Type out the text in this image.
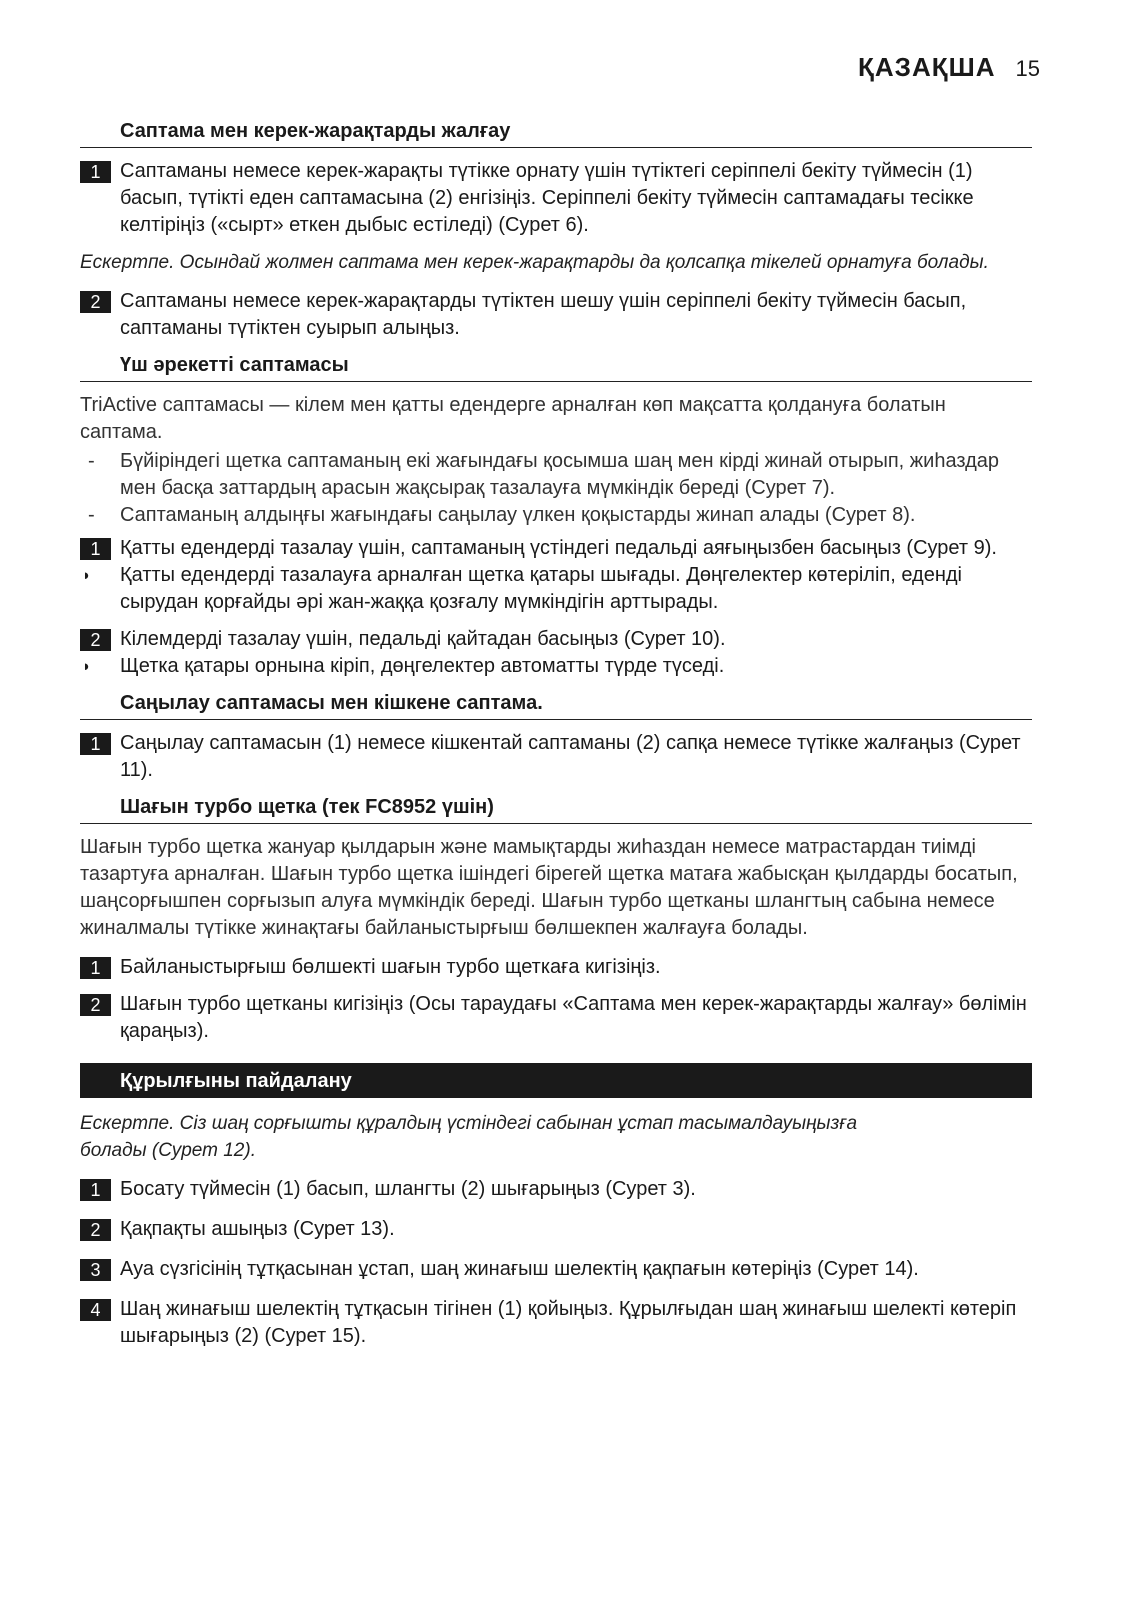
ҚАЗАҚША 15
Саптама мен керек-жарақтарды жалғау
1 Саптаманы немесе керек-жарақты түтікке орнату үшін түтіктегі серіппелі бекіту түймесін (1) басып, түтікті еден саптамасына (2) енгізіңіз. Серіппелі бекіту түймесін саптамадағы тесікке келтіріңіз («сырт» еткен дыбыс естіледі) (Сурет 6).
Ескертпе. Осындай жолмен саптама мен керек-жарақтарды да қолсапқа тікелей орнатуға болады.
2 Саптаманы немесе керек-жарақтарды түтіктен шешу үшін серіппелі бекіту түймесін басып, саптаманы түтіктен суырып алыңыз.
Үш әрекетті саптамасы
TriActive саптамасы — кілем мен қатты едендерге арналған көп мақсатта қолдануға болатын саптама.
- Бүйіріндегі щетка саптаманың екі жағындағы қосымша шаң мен кірді жинай отырып, жиһаздар мен басқа заттардың арасын жақсырақ тазалауға мүмкіндік береді (Сурет 7).
- Саптаманың алдыңғы жағындағы саңылау үлкен қоқыстарды жинап алады (Сурет 8).
1 Қатты едендерді тазалау үшін, саптаманың үстіндегі педальді аяғыңызбен басыңыз (Сурет 9).
◗ Қатты едендерді тазалауға арналған щетка қатары шығады. Дөңгелектер көтеріліп, еденді сырудан қорғайды әрі жан-жаққа қозғалу мүмкіндігін арттырады.
2 Кілемдерді тазалау үшін, педальді қайтадан басыңыз (Сурет 10).
◗ Щетка қатары орнына кіріп, дөңгелектер автоматты түрде түседі.
Саңылау саптамасы мен кішкене саптама.
1 Саңылау саптамасын (1) немесе кішкентай саптаманы (2) сапқа немесе түтікке жалғаңыз (Сурет 11).
Шағын турбо щетка (тек FC8952 үшін)
Шағын турбо щетка жануар қылдарын және мамықтарды жиһаздан немесе матрастардан тиімді тазартуға арналған. Шағын турбо щетка ішіндегі бірегей щетка матаға жабысқан қылдарды босатып, шаңсорғышпен сорғызып алуға мүмкіндік береді. Шағын турбо щетканы шлангтың сабына немесе жиналмалы түтікке жинақтағы байланыстырғыш бөлшекпен жалғауға болады.
1 Байланыстырғыш бөлшекті шағын турбо щеткаға кигізіңіз.
2 Шағын турбо щетканы кигізіңіз (Осы тараудағы «Саптама мен керек-жарақтарды жалғау» бөлімін қараңыз).
Құрылғыны пайдалану
Ескертпе. Сіз шаң сорғышты құралдың үстіндегі сабынан ұстап тасымалдауыңызға болады (Сурет 12).
1 Босату түймесін (1) басып, шлангты (2) шығарыңыз (Сурет 3).
2 Қақпақты ашыңыз (Сурет 13).
3 Ауа сүзгісінің тұтқасынан ұстап, шаң жинағыш шелектің қақпағын көтеріңіз (Сурет 14).
4 Шаң жинағыш шелектің тұтқасын тігінен (1) қойыңыз. Құрылғыдан шаң жинағыш шелекті көтеріп шығарыңыз (2) (Сурет 15).
